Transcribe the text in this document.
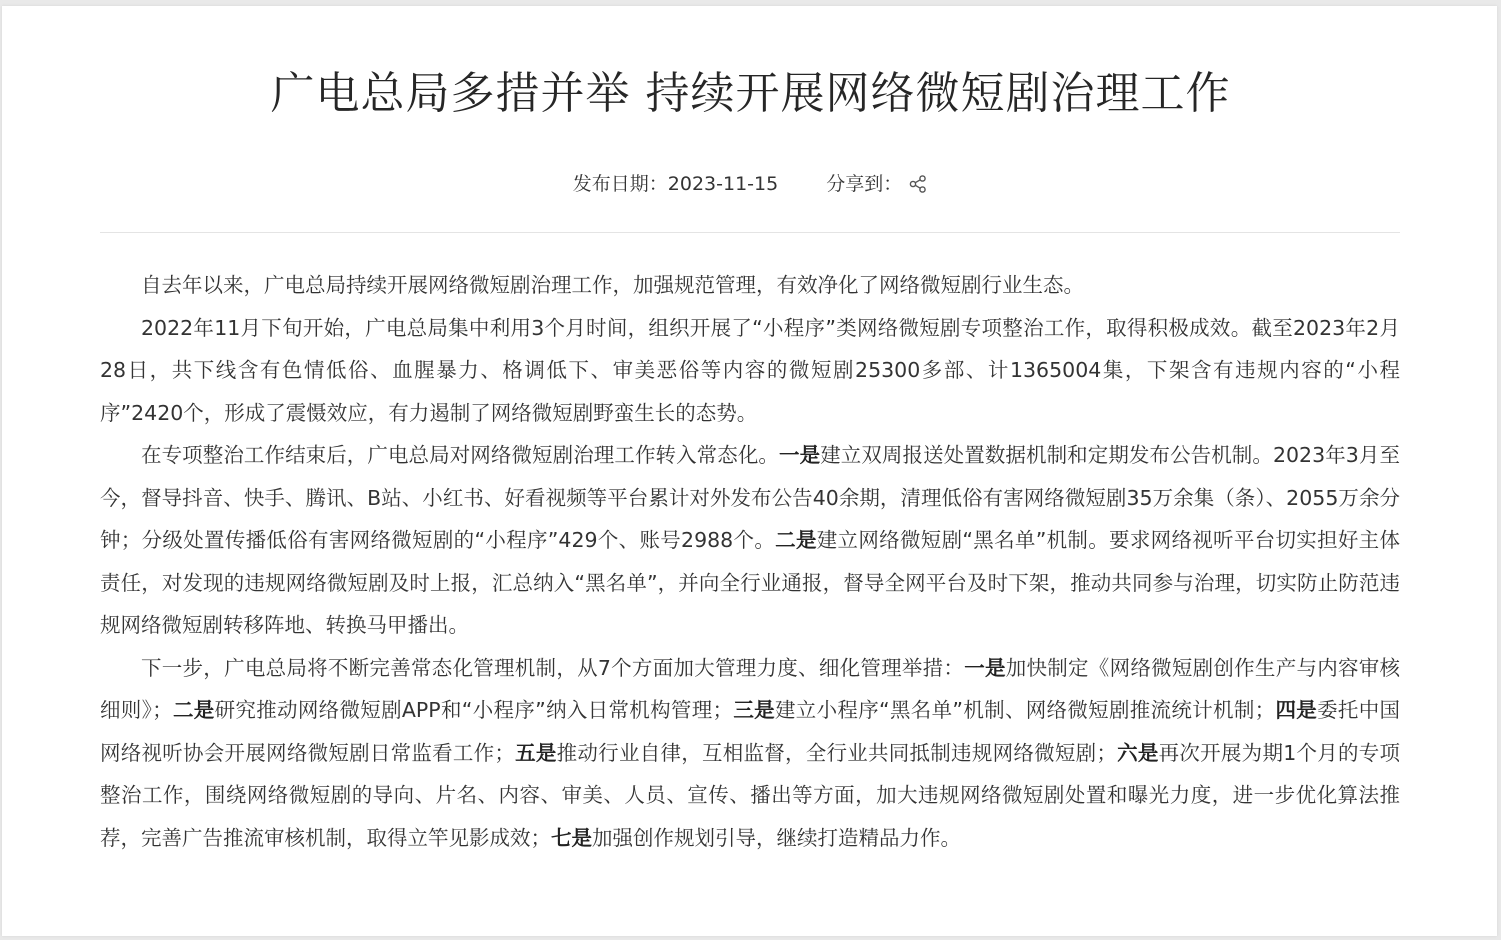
广电总局多措并举 持续开展网络微短剧治理工作
发布日期：2023-11-15	分享到：

自去年以来，广电总局持续开展网络微短剧治理工作，加强规范管理，有效净化了网络微短剧行业生态。

2022年11月下旬开始，广电总局集中利用3个月时间，组织开展了“小程序”类网络微短剧专项整治工作，取得积极成效。截至2023年2月28日，共下线含有色情低俗、血腥暴力、格调低下、审美恶俗等内容的微短剧25300多部、计1365004集，下架含有违规内容的“小程序”2420个，形成了震慑效应，有力遏制了网络微短剧野蛮生长的态势。

在专项整治工作结束后，广电总局对网络微短剧治理工作转入常态化。一是建立双周报送处置数据机制和定期发布公告机制。2023年3月至今，督导抖音、快手、腾讯、B站、小红书、好看视频等平台累计对外发布公告40余期，清理低俗有害网络微短剧35万余集（条）、2055万余分钟；分级处置传播低俗有害网络微短剧的“小程序”429个、账号2988个。二是建立网络微短剧“黑名单”机制。要求网络视听平台切实担好主体责任，对发现的违规网络微短剧及时上报，汇总纳入“黑名单”，并向全行业通报，督导全网平台及时下架，推动共同参与治理，切实防止防范违规网络微短剧转移阵地、转换马甲播出。

下一步，广电总局将不断完善常态化管理机制，从7个方面加大管理力度、细化管理举措：一是加快制定《网络微短剧创作生产与内容审核细则》；二是研究推动网络微短剧APP和“小程序”纳入日常机构管理；三是建立小程序“黑名单”机制、网络微短剧推流统计机制；四是委托中国网络视听协会开展网络微短剧日常监看工作；五是推动行业自律，互相监督，全行业共同抵制违规网络微短剧；六是再次开展为期1个月的专项整治工作，围绕网络微短剧的导向、片名、内容、审美、人员、宣传、播出等方面，加大违规网络微短剧处置和曝光力度，进一步优化算法推荐，完善广告推流审核机制，取得立竿见影成效；七是加强创作规划引导，继续打造精品力作。
